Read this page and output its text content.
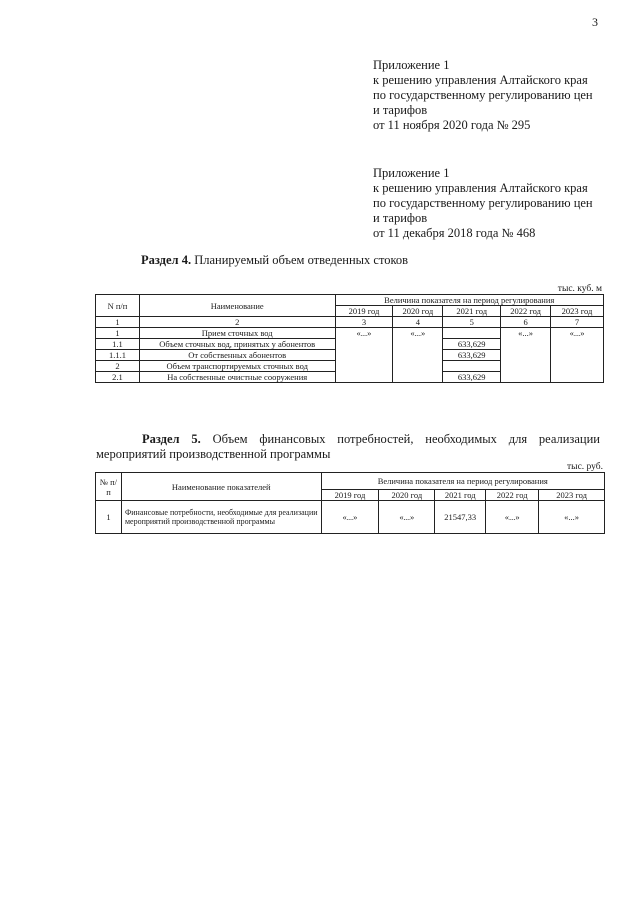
3
Приложение 1
к решению управления Алтайского края
по государственному регулированию цен
и тарифов
от 11 ноября 2020 года № 295
Приложение 1
к решению управления Алтайского края
по государственному регулированию цен
и тарифов
от 11 декабря 2018 года № 468
Раздел 4. Планируемый объем отведенных стоков
тыс. куб. м
N п/п	Наименование	Величина показателя на период регулирования				
		2019 год	2020 год	2021 год	2022 год	2023 год
1	2	3	4	5	6	7
1	Прием сточных вод	«...»	«...»		«...»	«...»
1.1	Объем сточных вод, принятых у абонентов			633,629		
1.1.1	От собственных абонентов			633,629		
2	Объем транспортируемых сточных вод					
2.1	На собственные очистные сооружения			633,629		
Раздел 5. Объем финансовых потребностей, необходимых для реализации мероприятий производственной программы
тыс. руб.
№ п/п	Наименование показателей	Величина показателя на период регулирования				
		2019 год	2020 год	2021 год	2022 год	2023 год
1	Финансовые потребности, необходимые для реализации мероприятий производственной программы	«...»	«...»	21547,33	«...»	«...»
